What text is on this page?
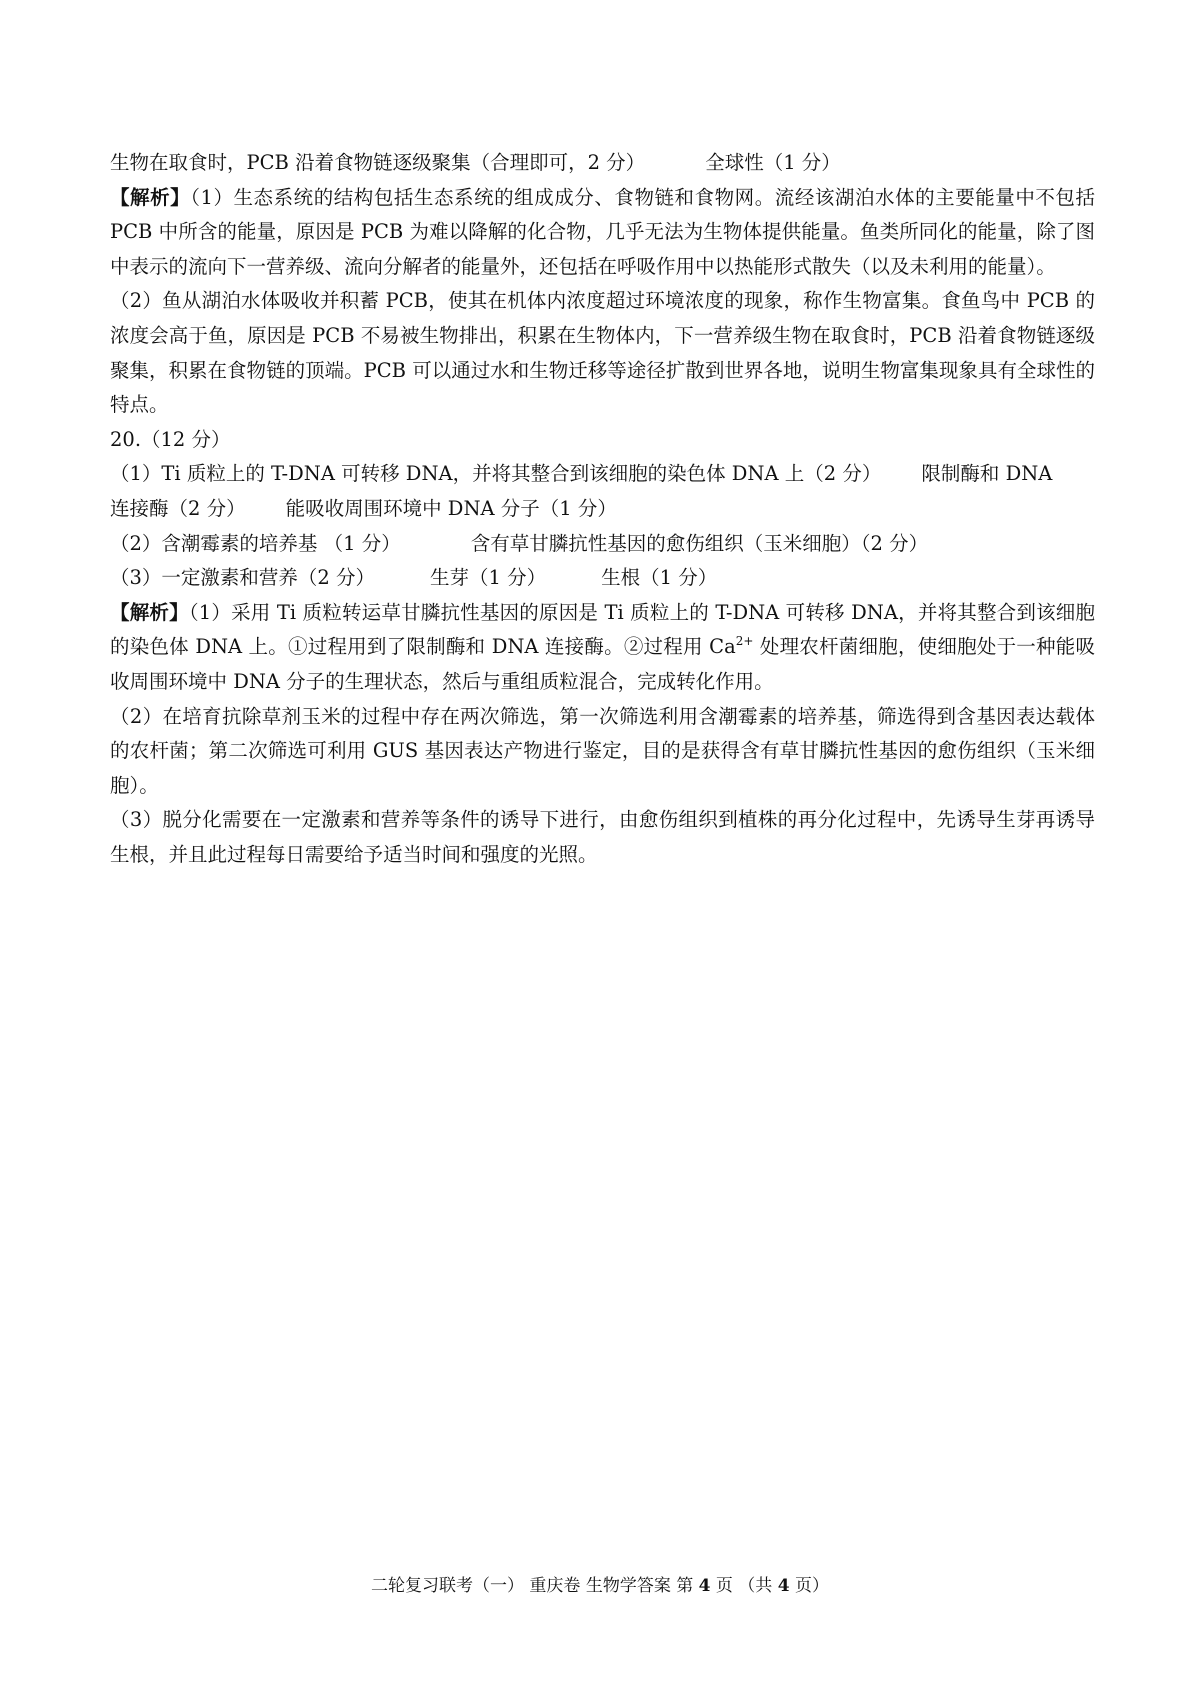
生物在取食时，PCB 沿着食物链逐级聚集（合理即可，2 分）	全球性（1 分）
【解析】（1）生态系统的结构包括生态系统的组成成分、食物链和食物网。流经该湖泊水体的主要能量中不包括 PCB 中所含的能量，原因是 PCB 为难以降解的化合物，几乎无法为生物体提供能量。鱼类所同化的能量，除了图中表示的流向下一营养级、流向分解者的能量外，还包括在呼吸作用中以热能形式散失（以及未利用的能量）。
（2）鱼从湖泊水体吸收并积蓄 PCB，使其在机体内浓度超过环境浓度的现象，称作生物富集。食鱼鸟中 PCB 的浓度会高于鱼，原因是 PCB 不易被生物排出，积累在生物体内，下一营养级生物在取食时，PCB 沿着食物链逐级聚集，积累在食物链的顶端。PCB 可以通过水和生物迁移等途径扩散到世界各地，说明生物富集现象具有全球性的特点。
20.（12 分）
（1）Ti 质粒上的 T-DNA 可转移 DNA，并将其整合到该细胞的染色体 DNA 上（2 分） 限制酶和 DNA
连接酶（2 分） 能吸收周围环境中 DNA 分子（1 分）
（2）含潮霉素的培养基 （1 分）	含有草甘膦抗性基因的愈伤组织（玉米细胞）（2 分）
（3）一定激素和营养（2 分）	生芽（1 分）	生根（1 分）
【解析】（1）采用 Ti 质粒转运草甘膦抗性基因的原因是 Ti 质粒上的 T-DNA 可转移 DNA，并将其整合到该细胞的染色体 DNA 上。①过程用到了限制酶和 DNA 连接酶。②过程用 $Ca^{2+}$ 处理农杆菌细胞，使细胞处于一种能吸收周围环境中 DNA 分子的生理状态，然后与重组质粒混合，完成转化作用。
（2）在培育抗除草剂玉米的过程中存在两次筛选，第一次筛选利用含潮霉素的培养基，筛选得到含基因表达载体的农杆菌；第二次筛选可利用 GUS 基因表达产物进行鉴定，目的是获得含有草甘膦抗性基因的愈伤组织（玉米细胞）。
（3）脱分化需要在一定激素和营养等条件的诱导下进行，由愈伤组织到植株的再分化过程中，先诱导生芽再诱导生根，并且此过程每日需要给予适当时间和强度的光照。
二轮复习联考（一） 重庆卷 生物学答案 第 4 页 （共 4 页）
